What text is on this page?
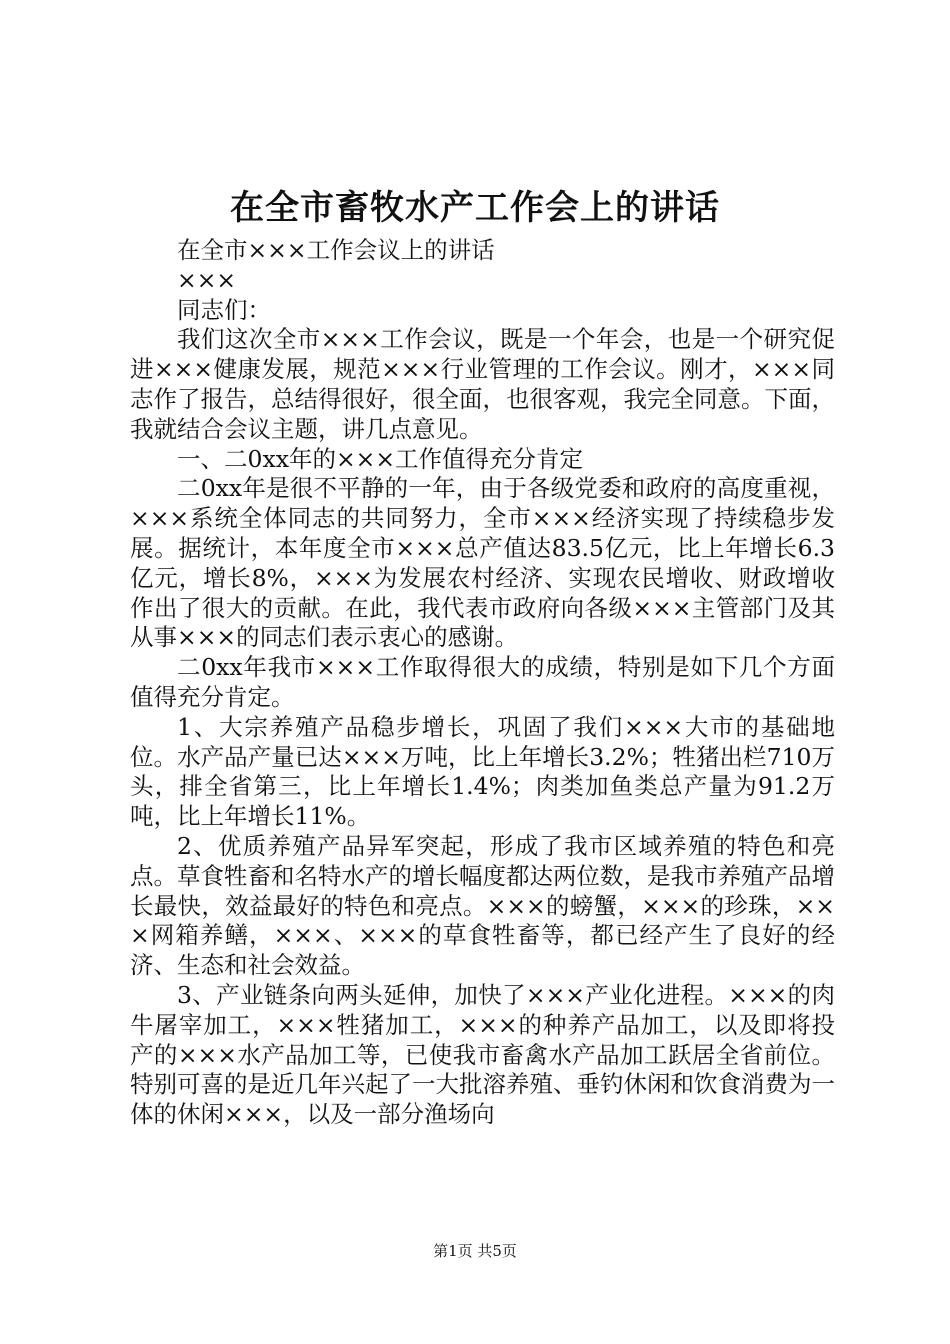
在全市畜牧水产工作会上的讲话

在全市×××工作会议上的讲话

×××

同志们：

我们这次全市×××工作会议，既是一个年会，也是一个研究促进×××健康发展，规范×××行业管理的工作会议。刚才，×××同志作了报告，总结得很好，很全面，也很客观，我完全同意。下面，我就结合会议主题，讲几点意见。

一、二0xx年的×××工作值得充分肯定

二0xx年是很不平静的一年，由于各级党委和政府的高度重视，×××系统全体同志的共同努力，全市×××经济实现了持续稳步发展。据统计，本年度全市×××总产值达83.5亿元，比上年增长6.3亿元，增长8%，×××为发展农村经济、实现农民增收、财政增收作出了很大的贡献。在此，我代表市政府向各级×××主管部门及其从事×××的同志们表示衷心的感谢。

二0xx年我市×××工作取得很大的成绩，特别是如下几个方面值得充分肯定。

1、大宗养殖产品稳步增长，巩固了我们×××大市的基础地位。水产品产量已达×××万吨，比上年增长3.2%；牲猪出栏710万头，排全省第三，比上年增长1.4%；肉类加鱼类总产量为91.2万吨，比上年增长11%。

2、优质养殖产品异军突起，形成了我市区域养殖的特色和亮点。草食牲畜和名特水产的增长幅度都达两位数，是我市养殖产品增长最快，效益最好的特色和亮点。×××的螃蟹，×××的珍珠，×××网箱养鳝，×××、×××的草食牲畜等，都已经产生了良好的经济、生态和社会效益。

3、产业链条向两头延伸，加快了×××产业化进程。×××的肉牛屠宰加工，×××牲猪加工，×××的种养产品加工，以及即将投产的×××水产品加工等，已使我市畜禽水产品加工跃居全省前位。特别可喜的是近几年兴起了一大批溶养殖、垂钓休闲和饮食消费为一体的休闲×××，以及一部分渔场向

第1页 共5页
